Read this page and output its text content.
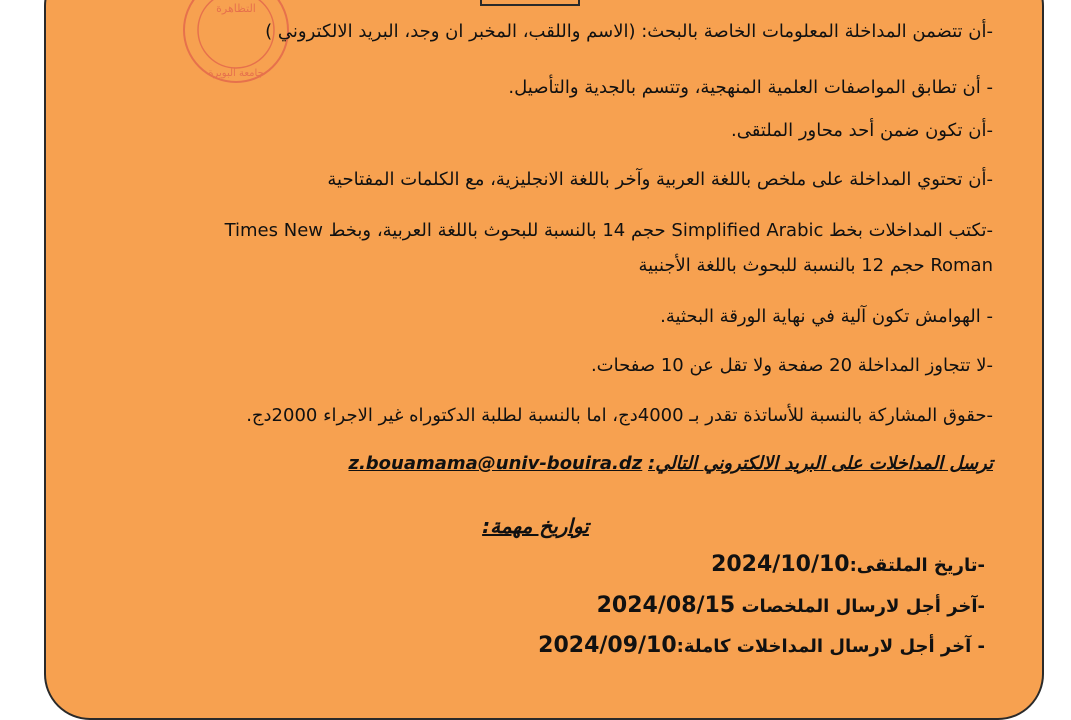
التظاهرة
جامعة البويرة
-أن تتضمن المداخلة المعلومات الخاصة بالبحث: (الاسم واللقب، المخبر ان وجد، البريد الالكتروني )
- أن تطابق المواصفات العلمية المنهجية، وتتسم بالجدية والتأصيل.
-أن تكون ضمن أحد محاور الملتقى.
-أن تحتوي المداخلة على ملخص باللغة العربية وآخر باللغة الانجليزية، مع الكلمات المفتاحية
-تكتب المداخلات بخط Simplified Arabic حجم 14 بالنسبة للبحوث باللغة العربية، وبخط Times New
Roman حجم 12 بالنسبة للبحوث باللغة الأجنبية
- الهوامش تكون آلية في نهاية الورقة البحثية.
-لا تتجاوز المداخلة 20 صفحة ولا تقل عن 10 صفحات.
-حقوق المشاركة بالنسبة للأساتذة تقدر بـ 4000دج، اما بالنسبة لطلبة الدكتوراه غير الاجراء 2000دج.
ترسل المداخلات على البريد الالكتروني التالي: z.bouamama@univ-bouira.dz
تواريخ مهمة:
-تاريخ الملتقى:2024/10/10
-آخر أجل لارسال الملخصات 2024/08/15
- آخر أجل لارسال المداخلات كاملة:2024/09/10
